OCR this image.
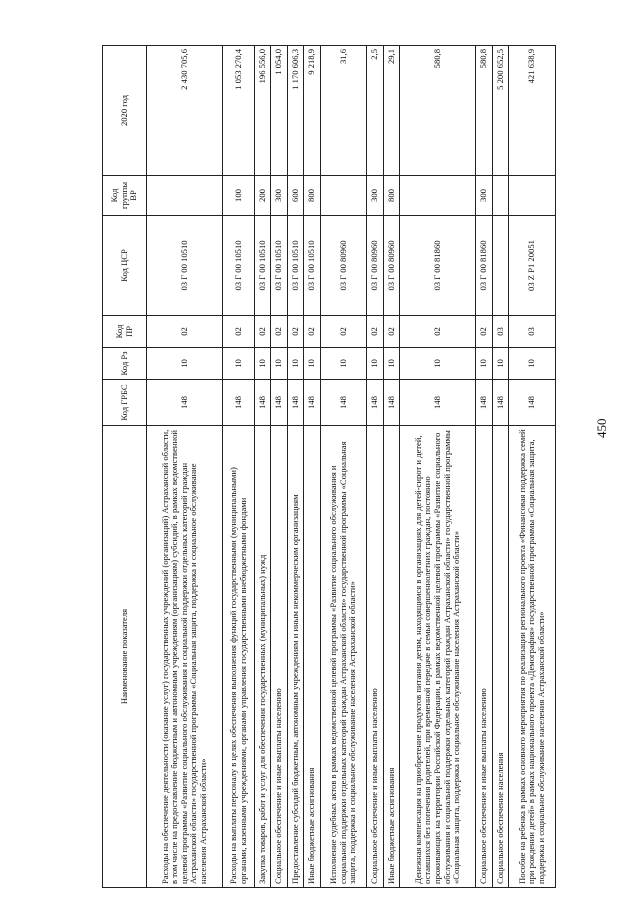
450
Наименование показателя	Код ГРБС	Код Рз	Код ПР	Код ЦСР	Код группы ВР	2020 год
Расходы на обеспечение деятельности (оказание услуг) государственных учреждений (организаций) Астраханской области, в том числе на предоставление бюджетным и автономным учреждениям (организациям) субсидий, в рамках ведомственной целевой программы «Развитие социального обслуживания и социальной поддержки отдельных категорий граждан Астраханской области» государственной программы «Социальная защита, поддержка и социальное обслуживание населения Астраханской области»	148	10	02	03 Г 00 10510		2 430 705,6
Расходы на выплаты персоналу в целях обеспечения выполнения функций государственными (муниципальными) органами, казенными учреждениями, органами управления государственными внебюджетными фондами	148	10	02	03 Г 00 10510	100	1 053 270,4
Закупка товаров, работ и услуг для обеспечения государственных (муниципальных) нужд	148	10	02	03 Г 00 10510	200	196 556,0
Социальное обеспечение и иные выплаты населению	148	10	02	03 Г 00 10510	300	1 054,0
Предоставление субсидий бюджетным, автономным учреждениям и иным некоммерческим организациям	148	10	02	03 Г 00 10510	600	1 170 606,3
Иные бюджетные ассигнования	148	10	02	03 Г 00 10510	800	9 218,9
Исполнение судебных актов в рамках ведомственной целевой программы «Развитие социального обслуживания и социальной поддержки отдельных категорий граждан Астраханской области» государственной программы «Социальная защита, поддержка и социальное обслуживание населения Астраханской области»	148	10	02	03 Г 00 80960		31,6
Социальное обеспечение и иные выплаты населению	148	10	02	03 Г 00 80960	300	2,5
Иные бюджетные ассигнования	148	10	02	03 Г 00 80960	800	29,1
Денежная компенсация на приобретение продуктов питания детям, находящимся в организациях для детей-сирот и детей, оставшихся без попечения родителей, при временной передаче в семьи совершеннолетних граждан, постоянно проживающих на территории Российской Федерации, в рамках ведомственной целевой программы «Развитие социального обслуживания и социальной поддержки отдельных категорий граждан Астраханской области» государственной программы «Социальная защита, поддержка и социальное обслуживание населения Астраханской области»	148	10	02	03 Г 00 81860		580,8
Социальное обеспечение и иные выплаты населению	148	10	02	03 Г 00 81860	300	580,8
Социальное обеспечение населения	148	10	03			5 200 652,5
Пособие на ребенка в рамках основного мероприятия по реализации регионального проекта «Финансовая поддержка семей при рождении детей» в рамках национального проекта «Демография» государственной программы «Социальная защита, поддержка и социальное обслуживание населения Астраханской области»	148	10	03	03 Z P1 20051		421 638,9
